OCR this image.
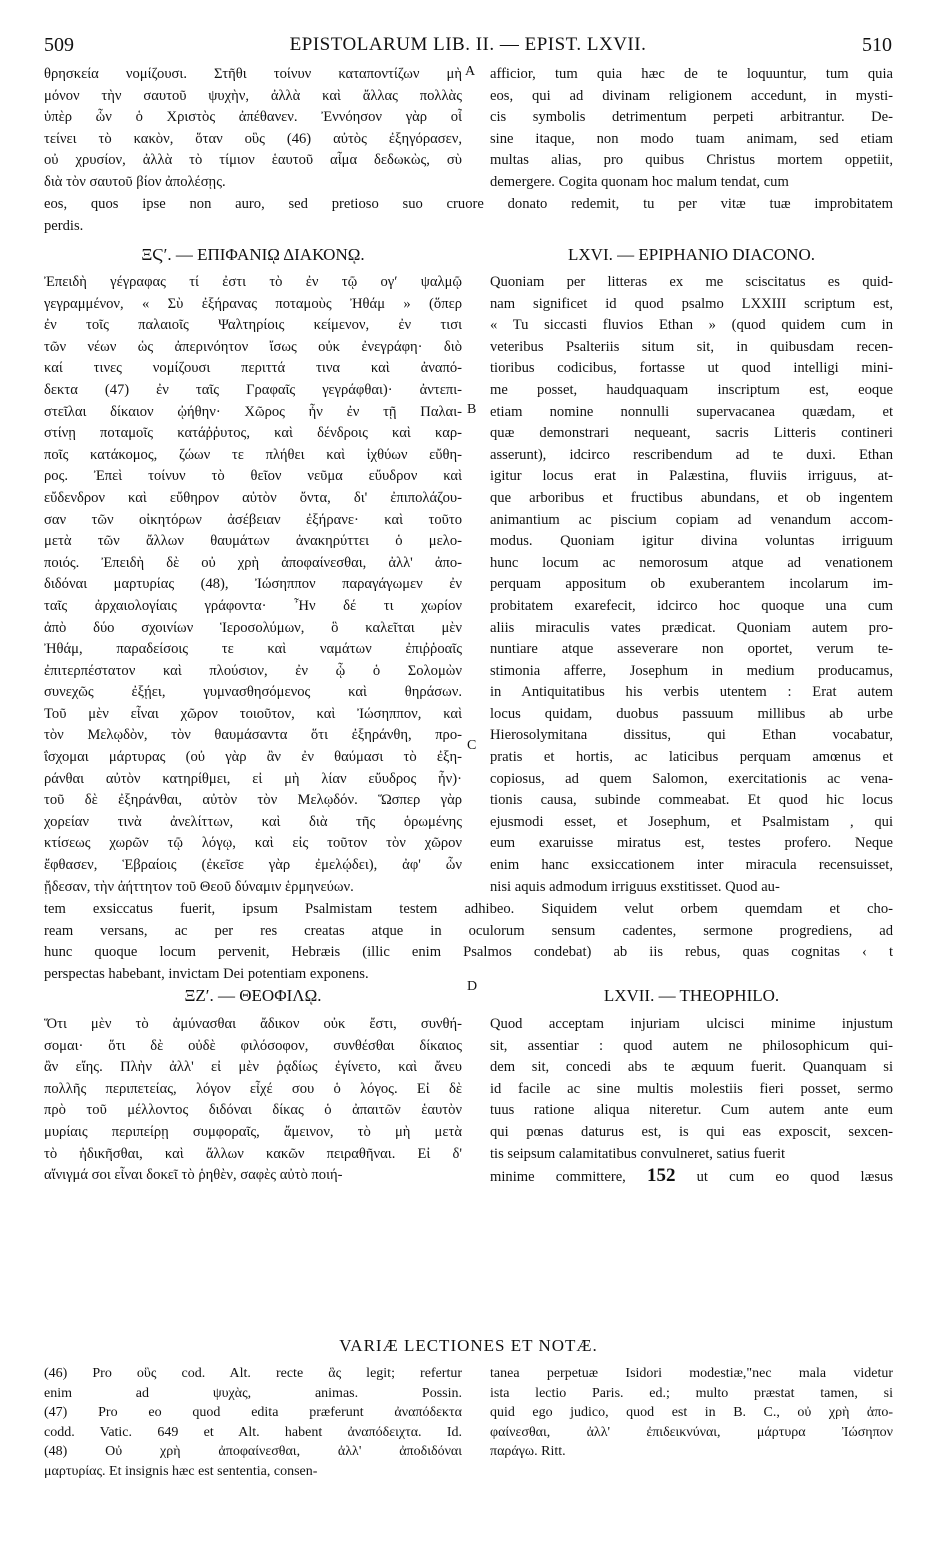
509	EPISTOLARUM LIB. II. — EPIST. LXVII.	510
θρησκεία νομίζουσι. Στῆθι τοίνυν καταποντίζων μὴ
μόνον τὴν σαυτοῦ ψυχὴν, ἀλλὰ καὶ ἄλλας πολλὰς
ὑπὲρ ὧν ὁ Χριστὸς ἀπέθανεν. Ἐννόησον γὰρ οἷ
τείνει τὸ κακὸν, ὅταν οὓς (46) αὐτὸς ἐξηγόρασεν,
οὐ χρυσίον, ἀλλὰ τὸ τίμιον ἑαυτοῦ αἷμα δεδωκὼς, σὺ
διὰ τὸν σαυτοῦ βίον ἀπολέσῃς.
afficior, tum quia hæc de te loquuntur, tum quia
eos, qui ad divinam religionem accedunt, in mysti-
cis symbolis detrimentum perpeti arbitrantur. De-
sine itaque, non modo tuam animam, sed etiam
multas alias, pro quibus Christus mortem oppetiit,
demergere. Cogita quonam hoc malum tendat, cum
eos, quos ipse non auro, sed pretioso suo cruore donato redemit, tu per vitæ tuæ improbitatem
perdis.
ΞϚʹ. — ΕΠΙΦΑΝΙῼ ΔΙΑΚΟΝῼ.	LXVI. — EPIPHANIO DIACONO.
Ἐπειδὴ γέγραφας τί ἐστι τὸ ἐν τῷ ογʹ ψαλμῷ
γεγραμμένον, « Σὺ ἐξήρανας ποταμοὺς Ἠθάμ » (ὅπερ
ἐν τοῖς παλαιοῖς Ψαλτηρίοις κείμενον, ἐν τισι
τῶν νέων ὡς ἀπερινόητον ἴσως οὐκ ἐνεγράφη· διὸ
καί τινες νομίζουσι περιττά τινα καὶ ἀναπό-
δεκτα (47) ἐν ταῖς Γραφαῖς γεγράφθαι)· ἀντεπι-
στεῖλαι δίκαιον ᾠήθην· Χῶρος ἦν ἐν τῇ Παλαι-
στίνῃ ποταμοῖς κατάῤῥυτος, καὶ δένδροις καὶ καρ-
ποῖς κατάκομος, ζώων τε πλήθει καὶ ἰχθύων εὔθη-
ρος. Ἐπεὶ τοίνυν τὸ θεῖον νεῦμα εὔυδρον καὶ
εὔδενδρον καὶ εὔθηρον αὐτὸν ὄντα, δι' ἐπιπολάζου-
σαν τῶν οἰκητόρων ἀσέβειαν ἐξήρανε· καὶ τοῦτο
μετὰ τῶν ἄλλων θαυμάτων ἀνακηρύττει ὁ μελο-
ποιός. Ἐπειδὴ δὲ οὐ χρὴ ἀποφαίνεσθαι, ἀλλ' ἀπο-
διδόναι μαρτυρίας (48), Ἰώσηππον παραγάγωμεν ἐν
ταῖς ἀρχαιολογίαις γράφοντα· Ἦν δέ τι χωρίον
ἀπὸ δύο σχοινίων Ἱεροσολύμων, ὃ καλεῖται μὲν
Ἠθάμ, παραδείσοις τε καὶ ναμάτων ἐπιῤῥοαῖς
ἐπιτερπέστατον καὶ πλούσιον, ἐν ᾧ ὁ Σολομὼν
συνεχῶς ἐξῄει, γυμνασθησόμενος καὶ θηράσων.
Τοῦ μὲν εἶναι χῶρον τοιοῦτον, καὶ Ἰώσηππον, καὶ
τὸν Μελῳδὸν, τὸν θαυμάσαντα ὅτι ἐξηράνθη, προ-
ΐσχομαι μάρτυρας (οὐ γὰρ ἂν ἐν θαύμασι τὸ ἐξη-
ράνθαι αὐτὸν κατηρίθμει, εἰ μὴ λίαν εὔυδρος ἦν)·
τοῦ δὲ ἐξηράνθαι, αὐτὸν τὸν Μελῳδόν. Ὥσπερ γὰρ
χορείαν τινὰ ἀνελίττων, καὶ διὰ τῆς ὁρωμένης
κτίσεως χωρῶν τῷ λόγῳ, καὶ εἰς τοῦτον τὸν χῶρον
ἔφθασεν, Ἑβραίοις (ἐκεῖσε γὰρ ἐμελῴδει), ἀφ' ὧν
ᾔδεσαν, τὴν ἀήττητον τοῦ Θεοῦ δύναμιν ἑρμηνεύων.
Quoniam per litteras ex me sciscitatus es quid-
nam significet id quod psalmo LXXIII scriptum est,
« Tu siccasti fluvios Ethan » (quod quidem cum in
veteribus Psalteriis situm sit, in quibusdam recen-
tioribus codicibus, fortasse ut quod intelligi mini-
me posset, haudquaquam inscriptum est, eoque
etiam nomine nonnulli supervacanea quædam, et
quæ demonstrari nequeant, sacris Litteris contineri
asserunt), idcirco rescribendum ad te duxi. Ethan
igitur locus erat in Palæstina, fluviis irriguus, at-
que arboribus et fructibus abundans, et ob ingentem
animantium ac piscium copiam ad venandum accom-
modus. Quoniam igitur divina voluntas irriguum
hunc locum ac nemorosum atque ad venationem
perquam appositum ob exuberantem incolarum im-
probitatem exarefecit, idcirco hoc quoque una cum
aliis miraculis vates prædicat. Quoniam autem pro-
nuntiare atque asseverare non oportet, verum te-
stimonia afferre, Josephum in medium producamus,
in Antiquitatibus his verbis utentem : Erat autem
locus quidam, duobus passuum millibus ab urbe
Hierosolymitana dissitus, qui Ethan vocabatur,
pratis et hortis, ac laticibus perquam amœnus et
copiosus, ad quem Salomon, exercitationis ac vena-
tionis causa, subinde commeabat. Et quod hic locus
ejusmodi esset, et Josephum, et Psalmistam , qui
eum exaruisse miratus est, testes profero. Neque
enim hanc exsiccationem inter miracula recensuisset,
nisi aquis admodum irriguus exstitisset. Quod au-
tem exsiccatus fuerit, ipsum Psalmistam testem adhibeo. Siquidem velut orbem quemdam et cho-
ream versans, ac per res creatas atque in oculorum sensum cadentes, sermone progrediens, ad
hunc quoque locum pervenit, Hebræis (illic enim Psalmos condebat) ab iis rebus, quas cognitas ‹ t
perspectas habebant, invictam Dei potentiam exponens.
ΞΖʹ. — ΘΕΟΦΙΛῼ.	LXVII. — THEOPHILO.
Ὅτι μὲν τὸ ἀμύνασθαι ἄδικον οὐκ ἔστι, συνθή-
σομαι· ὅτι δὲ οὐδὲ φιλόσοφον, συνθέσθαι δίκαιος
ἂν εἴης. Πλὴν ἀλλ' εἰ μὲν ῥᾳδίως ἐγίνετο, καὶ ἄνευ
πολλῆς περιπετείας, λόγον εἶχέ σου ὁ λόγος. Εἰ δὲ
πρὸ τοῦ μέλλοντος διδόναι δίκας ὁ ἀπαιτῶν ἑαυτὸν
μυρίαις περιπείρῃ συμφοραῖς, ἄμεινον, τὸ μὴ μετὰ
τὸ ἠδικῆσθαι, καὶ ἄλλων κακῶν πειραθῆναι. Εἰ δ'
αἴνιγμά σοι εἶναι δοκεῖ τὸ ῥηθὲν, σαφὲς αὐτὸ ποιή-
Quod acceptam injuriam ulcisci minime injustum
sit, assentiar : quod autem ne philosophicum qui-
dem sit, concedi abs te æquum fuerit. Quanquam si
id facile ac sine multis molestiis fieri posset, sermo
tuus ratione aliqua niteretur. Cum autem ante eum
qui pœnas daturus est, is qui eas exposcit, sexcen-
tis seipsum calamitatibus convulneret, satius fuerit
minime committere, 152 ut cum eo quod læsus
A
B
C
D
VARIÆ LECTIONES ET NOTÆ.
(46) Pro οὓς cod. Alt. recte ἃς legit; refertur
enim ad ψυχὰς, animas. Possin.
(47) Pro eo quod edita præferunt ἀναπόδεκτα
codd. Vatic. 649 et Alt. habent ἀναπόδειχτα. Id.
(48) Οὐ χρὴ ἀποφαίνεσθαι, ἀλλ' ἀποδιδόναι
μαρτυρίας. Et insignis hæc est sententia, consen-
tanea perpetuæ Isidori modestiæ,"nec mala videtur
ista lectio Paris. ed.; multo præstat tamen, si
quid ego judico, quod est in B. C., οὐ χρὴ ἀπο-
φαίνεσθαι, ἀλλ' ἐπιδεικνύναι, μάρτυρα Ἰώσηπον
παράγω. Ritt.
